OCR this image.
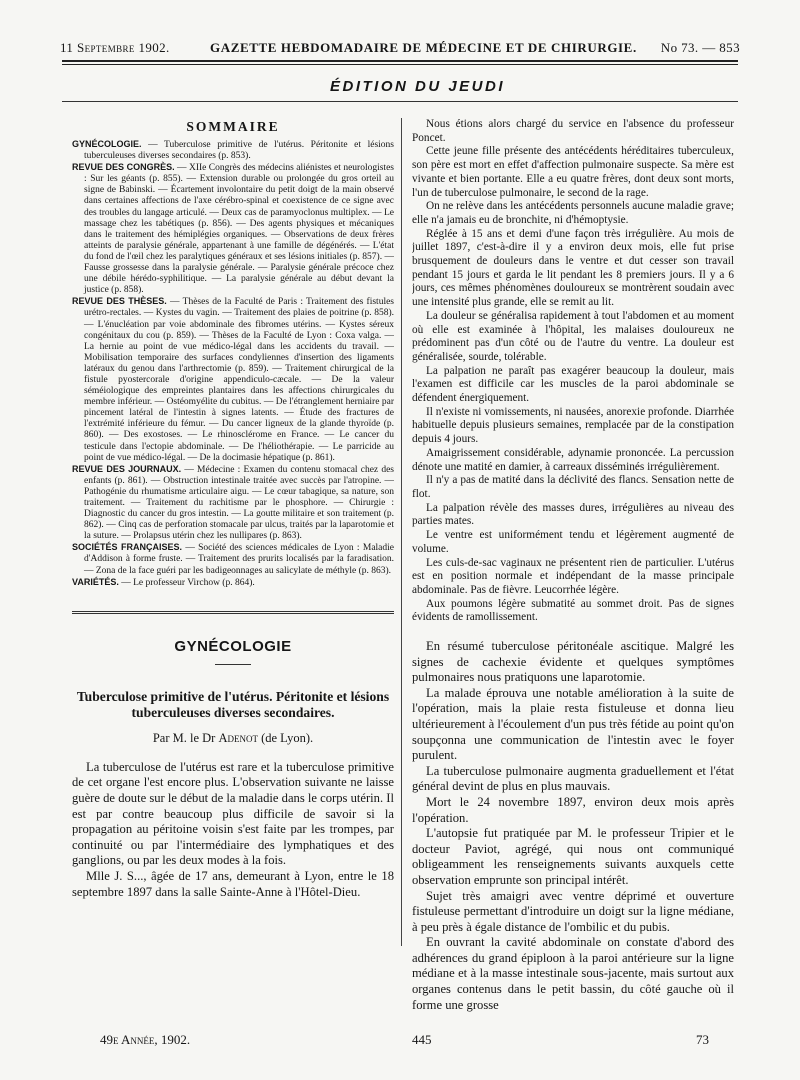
11 Septembre 1902.	GAZETTE HEBDOMADAIRE DE MÉDECINE ET DE CHIRURGIE. No 73. — 853
ÉDITION DU JEUDI
SOMMAIRE

GYNÉCOLOGIE. — Tuberculose primitive de l'utérus. Péritonite et lésions tuberculeuses diverses secondaires (p. 853).

REVUE DES CONGRÈS. — XIIe Congrès des médecins aliénistes et neurologistes : Sur les géants (p. 855). — Extension durable ou prolongée du gros orteil au signe de Babinski. — Écartement involontaire du petit doigt de la main observé dans certaines affections de l'axe cérébro-spinal et coexistence de ce signe avec des troubles du langage articulé. — Deux cas de paramyoclonus multiplex. — Le massage chez les tabétiques (p. 856). — Des agents physiques et mécaniques dans le traitement des hémiplégies organiques. — Observations de deux frères atteints de paralysie générale, appartenant à une famille de dégénérés. — L'état du fond de l'œil chez les paralytiques généraux et ses lésions initiales (p. 857). — Fausse grossesse dans la paralysie générale. — Paralysie générale précoce chez une débile hérédo-syphilitique. — La paralysie générale au début devant la justice (p. 858).

REVUE DES THÈSES. — Thèses de la Faculté de Paris : Traitement des fistules urétro-rectales. — Kystes du vagin. — Traitement des plaies de poitrine (p. 858). — L'énucléation par voie abdominale des fibromes utérins. — Kystes séreux congénitaux du cou (p. 859). — Thèses de la Faculté de Lyon : Coxa valga. — La hernie au point de vue médico-légal dans les accidents du travail. — Mobilisation temporaire des surfaces condyliennes d'insertion des ligaments latéraux du genou dans l'arthrectomie (p. 859). — Traitement chirurgical de la fistule pyostercorale d'origine appendiculo-cæcale. — De la valeur séméiologique des empreintes plantaires dans les affections chirurgicales du membre inférieur. — Ostéomyélite du cubitus. — De l'étranglement herniaire par pincement latéral de l'intestin à signes latents. — Étude des fractures de l'extrémité inférieure du fémur. — Du cancer ligneux de la glande thyroïde (p. 860). — Des exostoses. — Le rhinosclérome en France. — Le cancer du testicule dans l'ectopie abdominale. — De l'héliothérapie. — Le parricide au point de vue médico-légal. — De la docimasie hépatique (p. 861).

REVUE DES JOURNAUX. — Médecine : Examen du contenu stomacal chez des enfants (p. 861). — Obstruction intestinale traitée avec succès par l'atropine. — Pathogénie du rhumatisme articulaire aigu. — Le cœur tabagique, sa nature, son traitement. — Traitement du rachitisme par le phosphore. — Chirurgie : Diagnostic du cancer du gros intestin. — La goutte militaire et son traitement (p. 862). — Cinq cas de perforation stomacale par ulcus, traités par la laparotomie et la suture. — Prolapsus utérin chez les nullipares (p. 863).

SOCIÉTÉS FRANÇAISES. — Société des sciences médicales de Lyon : Maladie d'Addison à forme fruste. — Traitement des prurits localisés par la faradisation. — Zona de la face guéri par les badigeonnages au salicylate de méthyle (p. 863).

VARIÉTÉS. — Le professeur Virchow (p. 864).

GYNÉCOLOGIE

Tuberculose primitive de l'utérus. Péritonite et lésions tuberculeuses diverses secondaires.

Par M. le Dr Adenot (de Lyon).

La tuberculose de l'utérus est rare et la tuberculose primitive de cet organe l'est encore plus. L'observation suivante ne laisse guère de doute sur le début de la maladie dans le corps utérin. Il est par contre beaucoup plus difficile de savoir si la propagation au péritoine voisin s'est faite par les trompes, par continuité ou par l'intermédiaire des lymphatiques et des ganglions, ou par les deux modes à la fois.

Mlle J. S..., âgée de 17 ans, demeurant à Lyon, entre le 18 septembre 1897 dans la salle Sainte-Anne à l'Hôtel-Dieu.

Nous étions alors chargé du service en l'absence du professeur Poncet.

Cette jeune fille présente des antécédents héréditaires tuberculeux, son père est mort en effet d'affection pulmonaire suspecte. Sa mère est vivante et bien portante. Elle a eu quatre frères, dont deux sont morts, l'un de tuberculose pulmonaire, le second de la rage.

On ne relève dans les antécédents personnels aucune maladie grave; elle n'a jamais eu de bronchite, ni d'hémoptysie.

Réglée à 15 ans et demi d'une façon très irrégulière. Au mois de juillet 1897, c'est-à-dire il y a environ deux mois, elle fut prise brusquement de douleurs dans le ventre et dut cesser son travail pendant 15 jours et garda le lit pendant les 8 premiers jours. Il y a 6 jours, ces mêmes phénomènes douloureux se montrèrent soudain avec une intensité plus grande, elle se remit au lit.

La douleur se généralisa rapidement à tout l'abdomen et au moment où elle est examinée à l'hôpital, les malaises douloureux ne prédominent pas d'un côté ou de l'autre du ventre. La douleur est généralisée, sourde, tolérable.

La palpation ne paraît pas exagérer beaucoup la douleur, mais l'examen est difficile car les muscles de la paroi abdominale se défendent énergiquement.

Il n'existe ni vomissements, ni nausées, anorexie profonde. Diarrhée habituelle depuis plusieurs semaines, remplacée par de la constipation depuis 4 jours.

Amaigrissement considérable, adynamie prononcée. La percussion dénote une matité en damier, à carreaux disséminés irrégulièrement.

Il n'y a pas de matité dans la déclivité des flancs. Sensation nette de flot.

La palpation révèle des masses dures, irrégulières au niveau des parties mates.

Le ventre est uniformément tendu et légèrement augmenté de volume.

Les culs-de-sac vaginaux ne présentent rien de particulier. L'utérus est en position normale et indépendant de la masse principale abdominale. Pas de fièvre. Leucorrhée légère.

Aux poumons légère submatité au sommet droit. Pas de signes évidents de ramollissement.

En résumé tuberculose péritonéale ascitique. Malgré les signes de cachexie évidente et quelques symptômes pulmonaires nous pratiquons une laparotomie.

La malade éprouva une notable amélioration à la suite de l'opération, mais la plaie resta fistuleuse et donna lieu ultérieurement à l'écoulement d'un pus très fétide au point qu'on soupçonna une communication de l'intestin avec le foyer purulent.

La tuberculose pulmonaire augmenta graduellement et l'état général devint de plus en plus mauvais.

Mort le 24 novembre 1897, environ deux mois après l'opération.

L'autopsie fut pratiquée par M. le professeur Tripier et le docteur Paviot, agrégé, qui nous ont communiqué obligeamment les renseignements suivants auxquels cette observation emprunte son principal intérêt.

Sujet très amaigri avec ventre déprimé et ouverture fistuleuse permettant d'introduire un doigt sur la ligne médiane, à peu près à égale distance de l'ombilic et du pubis.

En ouvrant la cavité abdominale on constate d'abord des adhérences du grand épiploon à la paroi antérieure sur la ligne médiane et à la masse intestinale sous-jacente, mais surtout aux organes contenus dans le petit bassin, du côté gauche où il forme une grosse

49e Année, 1902.	445	73
